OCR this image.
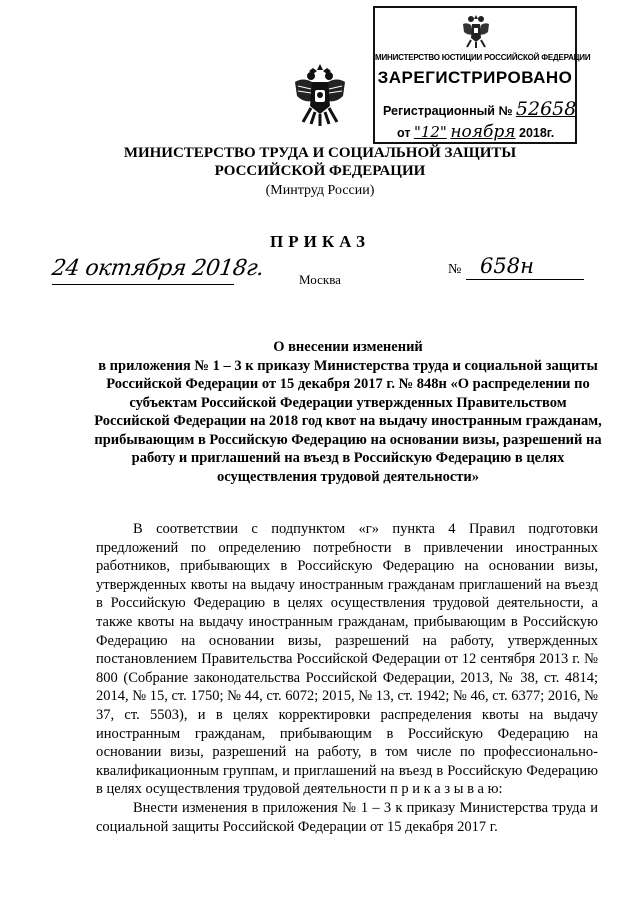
МИНИСТЕРСТВО ЮСТИЦИИ РОССИЙСКОЙ ФЕДЕРАЦИИ
ЗАРЕГИСТРИРОВАНО
Регистрационный № 52658
от "12" ноября 2018г.
МИНИСТЕРСТВО ТРУДА И СОЦИАЛЬНОЙ ЗАЩИТЫ
РОССИЙСКОЙ ФЕДЕРАЦИИ
(Минтруд России)
ПРИКАЗ
24 октября 2018г.	№ 658н
Москва
О внесении изменений
в приложения № 1 – 3 к приказу Министерства труда и социальной защиты Российской Федерации от 15 декабря 2017 г. № 848н «О распределении по субъектам Российской Федерации утвержденных Правительством Российской Федерации на 2018 год квот на выдачу иностранным гражданам, прибывающим в Российскую Федерацию на основании визы, разрешений на работу и приглашений на въезд в Российскую Федерацию в целях осуществления трудовой деятельности»

В соответствии с подпунктом «г» пункта 4 Правил подготовки предложений по определению потребности в привлечении иностранных работников, прибывающих в Российскую Федерацию на основании визы, утвержденных квоты на выдачу иностранным гражданам приглашений на въезд в Российскую Федерацию в целях осуществления трудовой деятельности, а также квоты на выдачу иностранным гражданам, прибывающим в Российскую Федерацию на основании визы, разрешений на работу, утвержденных постановлением Правительства Российской Федерации от 12 сентября 2013 г. № 800 (Собрание законодательства Российской Федерации, 2013, № 38, ст. 4814; 2014, № 15, ст. 1750; № 44, ст. 6072; 2015, № 13, ст. 1942; № 46, ст. 6377; 2016, № 37, ст. 5503), и в целях корректировки распределения квоты на выдачу иностранным гражданам, прибывающим в Российскую Федерацию на основании визы, разрешений на работу, в том числе по профессионально-квалификационным группам, и приглашений на въезд в Российскую Федерацию в целях осуществления трудовой деятельности п р и к а з ы в а ю:

Внести изменения в приложения № 1 – 3 к приказу Министерства труда и социальной защиты Российской Федерации от 15 декабря 2017 г.
